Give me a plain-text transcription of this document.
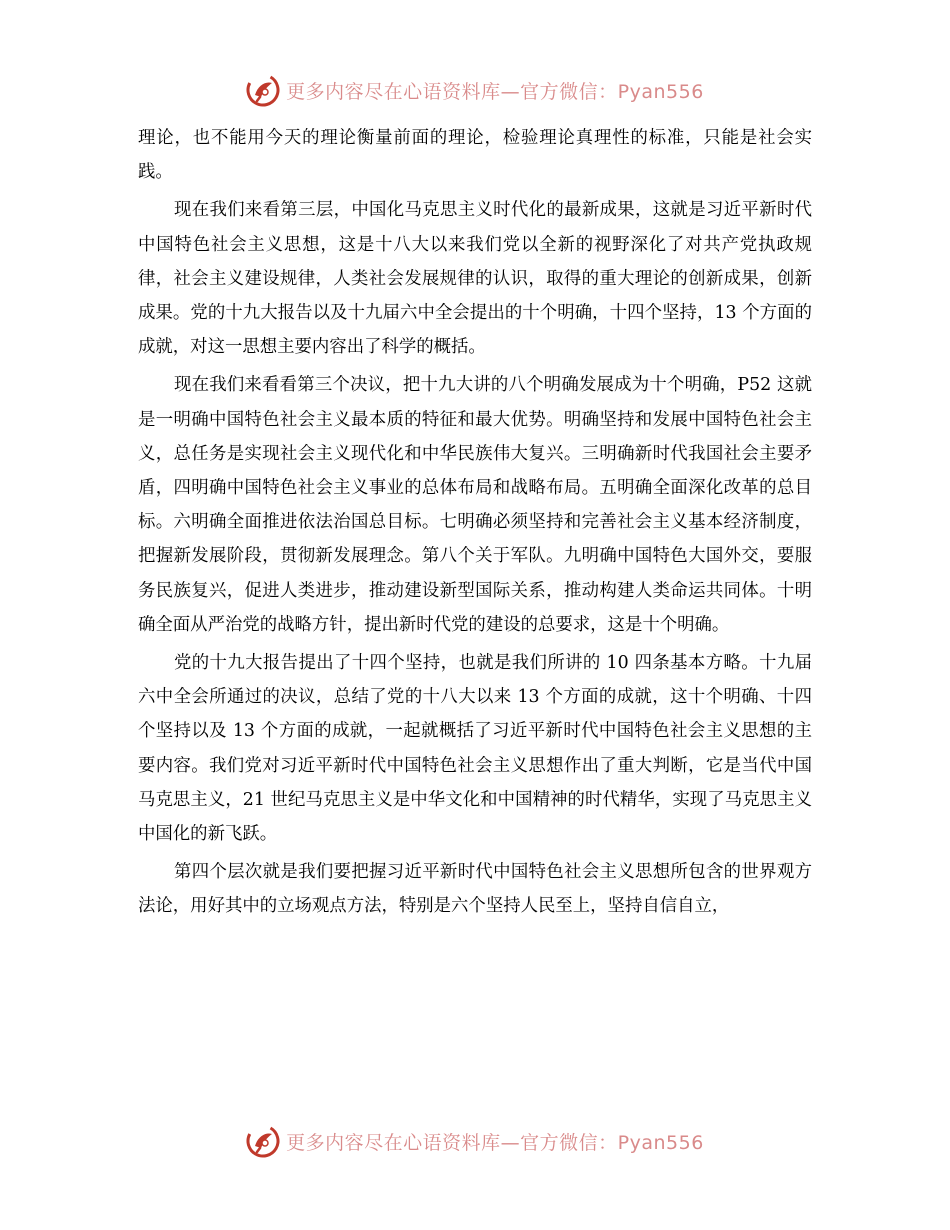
更多内容尽在心语资料库—官方微信：Pyan556

理论，也不能用今天的理论衡量前面的理论，检验理论真理性的标准，只能是社会实践。

现在我们来看第三层，中国化马克思主义时代化的最新成果，这就是习近平新时代中国特色社会主义思想，这是十八大以来我们党以全新的视野深化了对共产党执政规律，社会主义建设规律，人类社会发展规律的认识，取得的重大理论的创新成果，创新成果。党的十九大报告以及十九届六中全会提出的十个明确，十四个坚持，13 个方面的成就，对这一思想主要内容出了科学的概括。

现在我们来看看第三个决议，把十九大讲的八个明确发展成为十个明确，P52 这就是一明确中国特色社会主义最本质的特征和最大优势。明确坚持和发展中国特色社会主义，总任务是实现社会主义现代化和中华民族伟大复兴。三明确新时代我国社会主要矛盾，四明确中国特色社会主义事业的总体布局和战略布局。五明确全面深化改革的总目标。六明确全面推进依法治国总目标。七明确必须坚持和完善社会主义基本经济制度，把握新发展阶段，贯彻新发展理念。第八个关于军队。九明确中国特色大国外交，要服务民族复兴，促进人类进步，推动建设新型国际关系，推动构建人类命运共同体。十明确全面从严治党的战略方针，提出新时代党的建设的总要求，这是十个明确。

党的十九大报告提出了十四个坚持，也就是我们所讲的 10 四条基本方略。十九届六中全会所通过的决议，总结了党的十八大以来 13 个方面的成就，这十个明确、十四个坚持以及 13 个方面的成就，一起就概括了习近平新时代中国特色社会主义思想的主要内容。我们党对习近平新时代中国特色社会主义思想作出了重大判断，它是当代中国马克思主义，21 世纪马克思主义是中华文化和中国精神的时代精华，实现了马克思主义中国化的新飞跃。

第四个层次就是我们要把握习近平新时代中国特色社会主义思想所包含的世界观方法论，用好其中的立场观点方法，特别是六个坚持人民至上，坚持自信自立，

更多内容尽在心语资料库—官方微信：Pyan556
